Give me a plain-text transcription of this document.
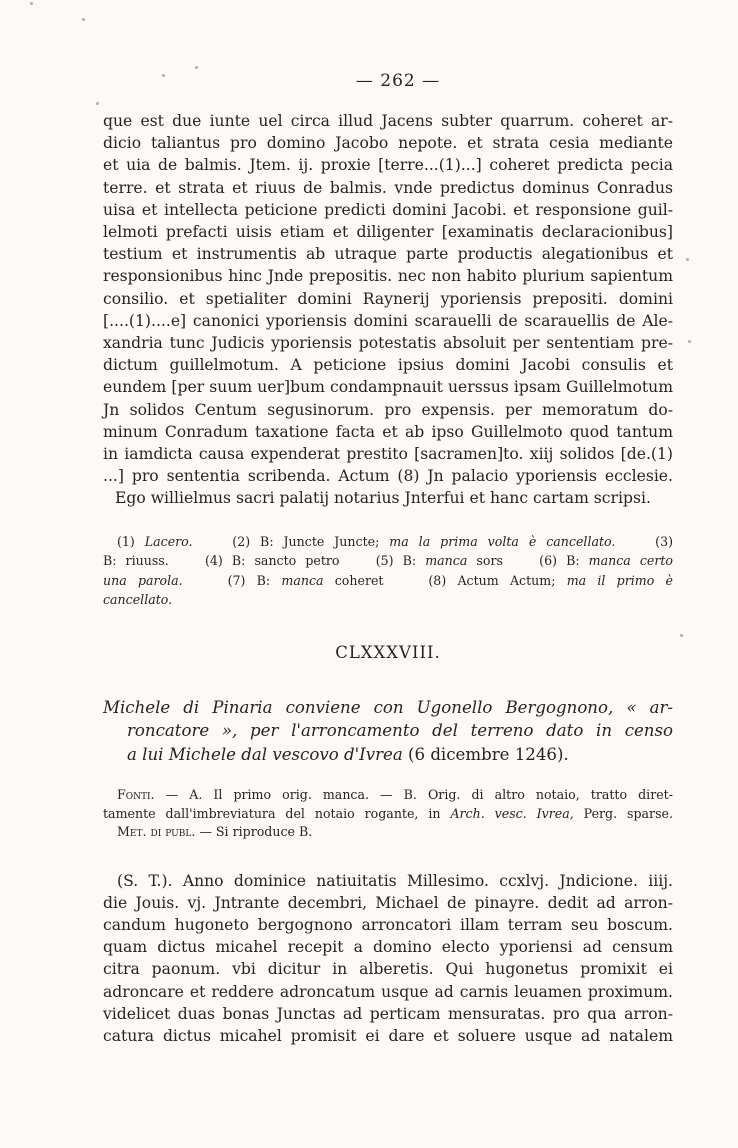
— 262 —
que est due iunte uel circa illud Jacens subter quarrum. coheret ar-
dicio taliantus pro domino Jacobo nepote. et strata cesia mediante
et uia de balmis. Jtem. ij. proxie [terre...(1)...] coheret predicta pecia
terre. et strata et riuus de balmis. vnde predictus dominus Conradus
uisa et intellecta peticione predicti domini Jacobi. et responsione guil-
lelmoti prefacti uisis etiam et diligenter [examinatis declaracionibus]
testium et instrumentis ab utraque parte productis alegationibus et
responsionibus hinc Jnde prepositis. nec non habito plurium sapientum
consilio. et spetialiter domini Raynerij yporiensis prepositi. domini
[....(1)....e] canonici yporiensis domini scarauelli de scarauellis de Ale-
xandria tunc Judicis yporiensis potestatis absoluit per sententiam pre-
dictum guillelmotum. A peticione ipsius domini Jacobi consulis et
eundem [per suum uer]bum condampnauit uerssus ipsam Guillelmotum
Jn solidos Centum segusinorum. pro expensis. per memoratum do-
minum Conradum taxatione facta et ab ipso Guillelmoto quod tantum
in iamdicta causa expenderat prestito [sacramen]to. xiij solidos [de.(1)
...] pro sententia scribenda. Actum (8) Jn palacio yporiensis ecclesie.
Ego willielmus sacri palatij notarius Jnterfui et hanc cartam scripsi.
(1) Lacero.    (2) B: Juncte Juncte; ma la prima volta è cancellato.    (3)
B: riuuss.    (4) B: sancto petro    (5) B: manca sors    (6) B: manca certo
una parola.    (7) B: manca coheret    (8) Actum Actum; ma il primo è
cancellato.
CLXXXVIII.
Michele di Pinaria conviene con Ugonello Bergognono, « ar-
roncatore », per l'arroncamento del terreno dato in censo
a lui Michele dal vescovo d'Ivrea (6 dicembre 1246).
Fonti. — A. Il primo orig. manca. — B. Orig. di altro notaio, tratto diret-
tamente dall'imbreviatura del notaio rogante, in Arch. vesc. Ivrea, Perg. sparse.
Met. di publ. — Si riproduce B.
(S. T.). Anno dominice natiuitatis Millesimo. ccxlvj. Jndicione. iiij.
die Jouis. vj. Jntrante decembri, Michael de pinayre. dedit ad arron-
candum hugoneto bergognono arroncatori illam terram seu boscum.
quam dictus micahel recepit a domino electo yporiensi ad censum
citra paonum. vbi dicitur in alberetis. Qui hugonetus promixit ei
adroncare et reddere adroncatum usque ad carnis leuamen proximum.
videlicet duas bonas Junctas ad perticam mensuratas. pro qua arron-
catura dictus micahel promisit ei dare et soluere usque ad natalem
